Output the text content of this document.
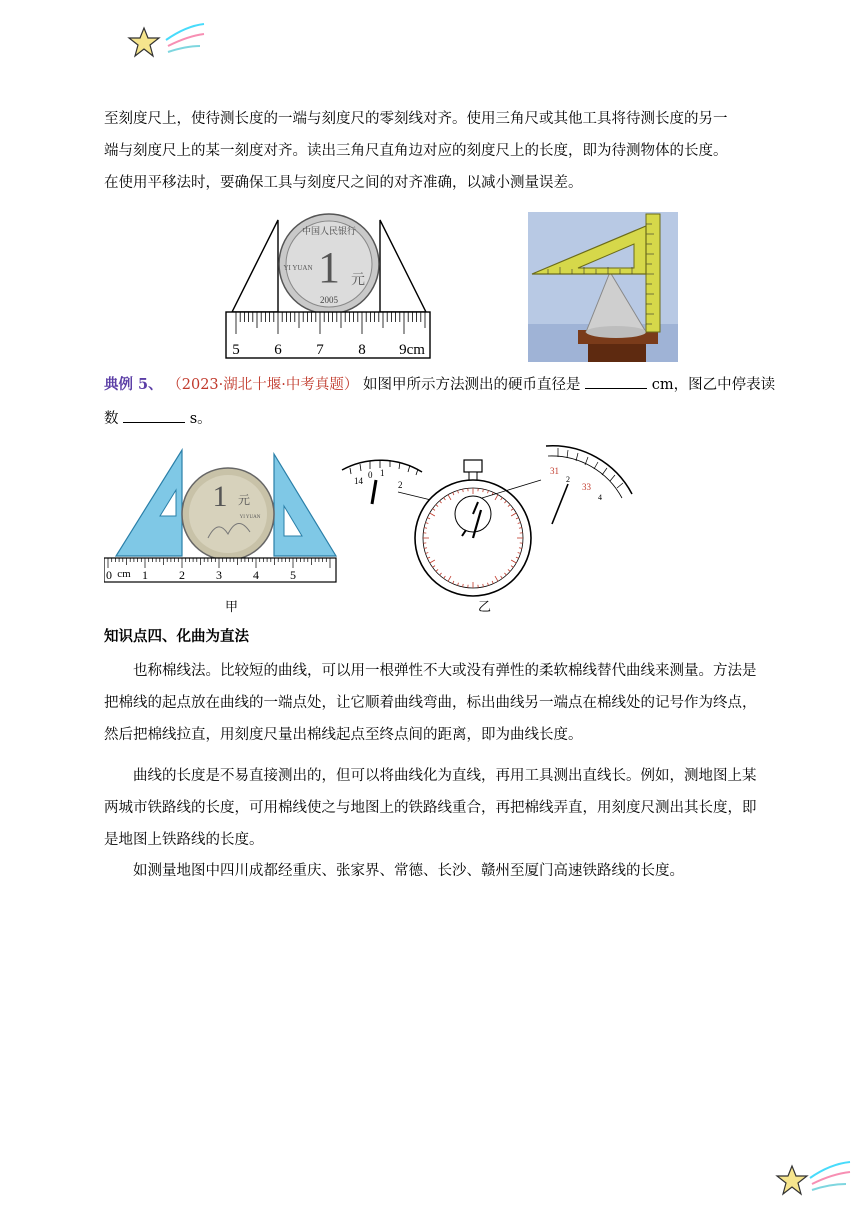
至刻度尺上，使待测长度的一端与刻度尺的零刻线对齐。使用三角尺或其他工具将待测长度的另一
端与刻度尺上的某一刻度对齐。读出三角尺直角边对应的刻度尺上的长度，即为待测物体的长度。
在使用平移法时，要确保工具与刻度尺之间的对齐准确，以减小测量误差。
中国人民银行
1 元
YI YUAN
2005
5 6 7 8 9cm
典例 5、 （2023·湖北十堰·中考真题） 如图甲所示方法测出的硬币直径是	cm，图乙中停表读
数	s。
1 元
YI YUAN
0 cm 1	2	3	4	5
甲
14
0 1
2
31
2
33
4
乙
知识点四、化曲为直法
也称棉线法。比较短的曲线，可以用一根弹性不大或没有弹性的柔软棉线替代曲线来测量。方法是把棉线的起点放在曲线的一端点处，让它顺着曲线弯曲，标出曲线另一端点在棉线处的记号作为终点，然后把棉线拉直，用刻度尺量出棉线起点至终点间的距离，即为曲线长度。
曲线的长度是不易直接测出的，但可以将曲线化为直线，再用工具测出直线长。例如，测地图上某两城市铁路线的长度，可用棉线使之与地图上的铁路线重合，再把棉线弄直，用刻度尺测出其长度，即是地图上铁路线的长度。
如测量地图中四川成都经重庆、张家界、常德、长沙、赣州至厦门高速铁路线的长度。
